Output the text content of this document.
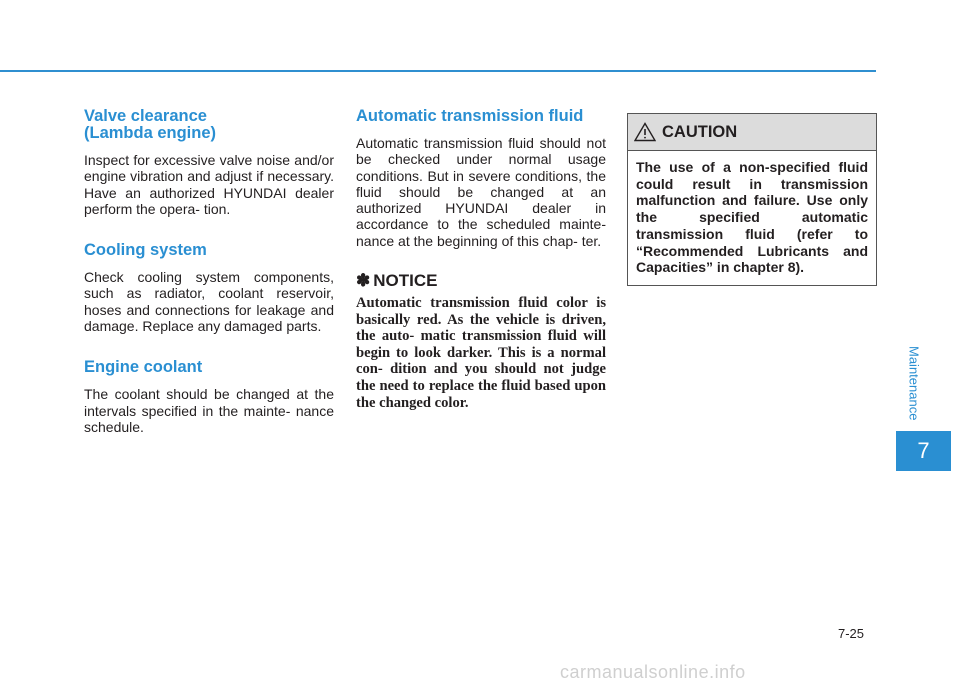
Valve clearance
(Lambda engine)

Inspect for excessive valve noise and/or engine vibration and adjust if necessary. Have an authorized HYUNDAI dealer perform the opera- tion.

Cooling system

Check cooling system components, such as radiator, coolant reservoir, hoses and connections for leakage and damage. Replace any damaged parts.

Engine coolant

The coolant should be changed at the intervals specified in the mainte- nance schedule.

Automatic transmission fluid

Automatic transmission fluid should not be checked under normal usage conditions. But in severe conditions, the fluid should be changed at an authorized HYUNDAI dealer in accordance to the scheduled mainte- nance at the beginning of this chap- ter.

✽ NOTICE

Automatic transmission fluid color is basically red. As the vehicle is driven, the auto- matic transmission fluid will begin to look darker. This is a normal con- dition and you should not judge the need to replace the fluid based upon the changed color.

CAUTION
The use of a non-specified fluid could result in transmission malfunction and failure. Use only the specified automatic transmission fluid (refer to “Recommended Lubricants and Capacities” in chapter 8).
Maintenance
7
7-25
carmanualsonline.info
